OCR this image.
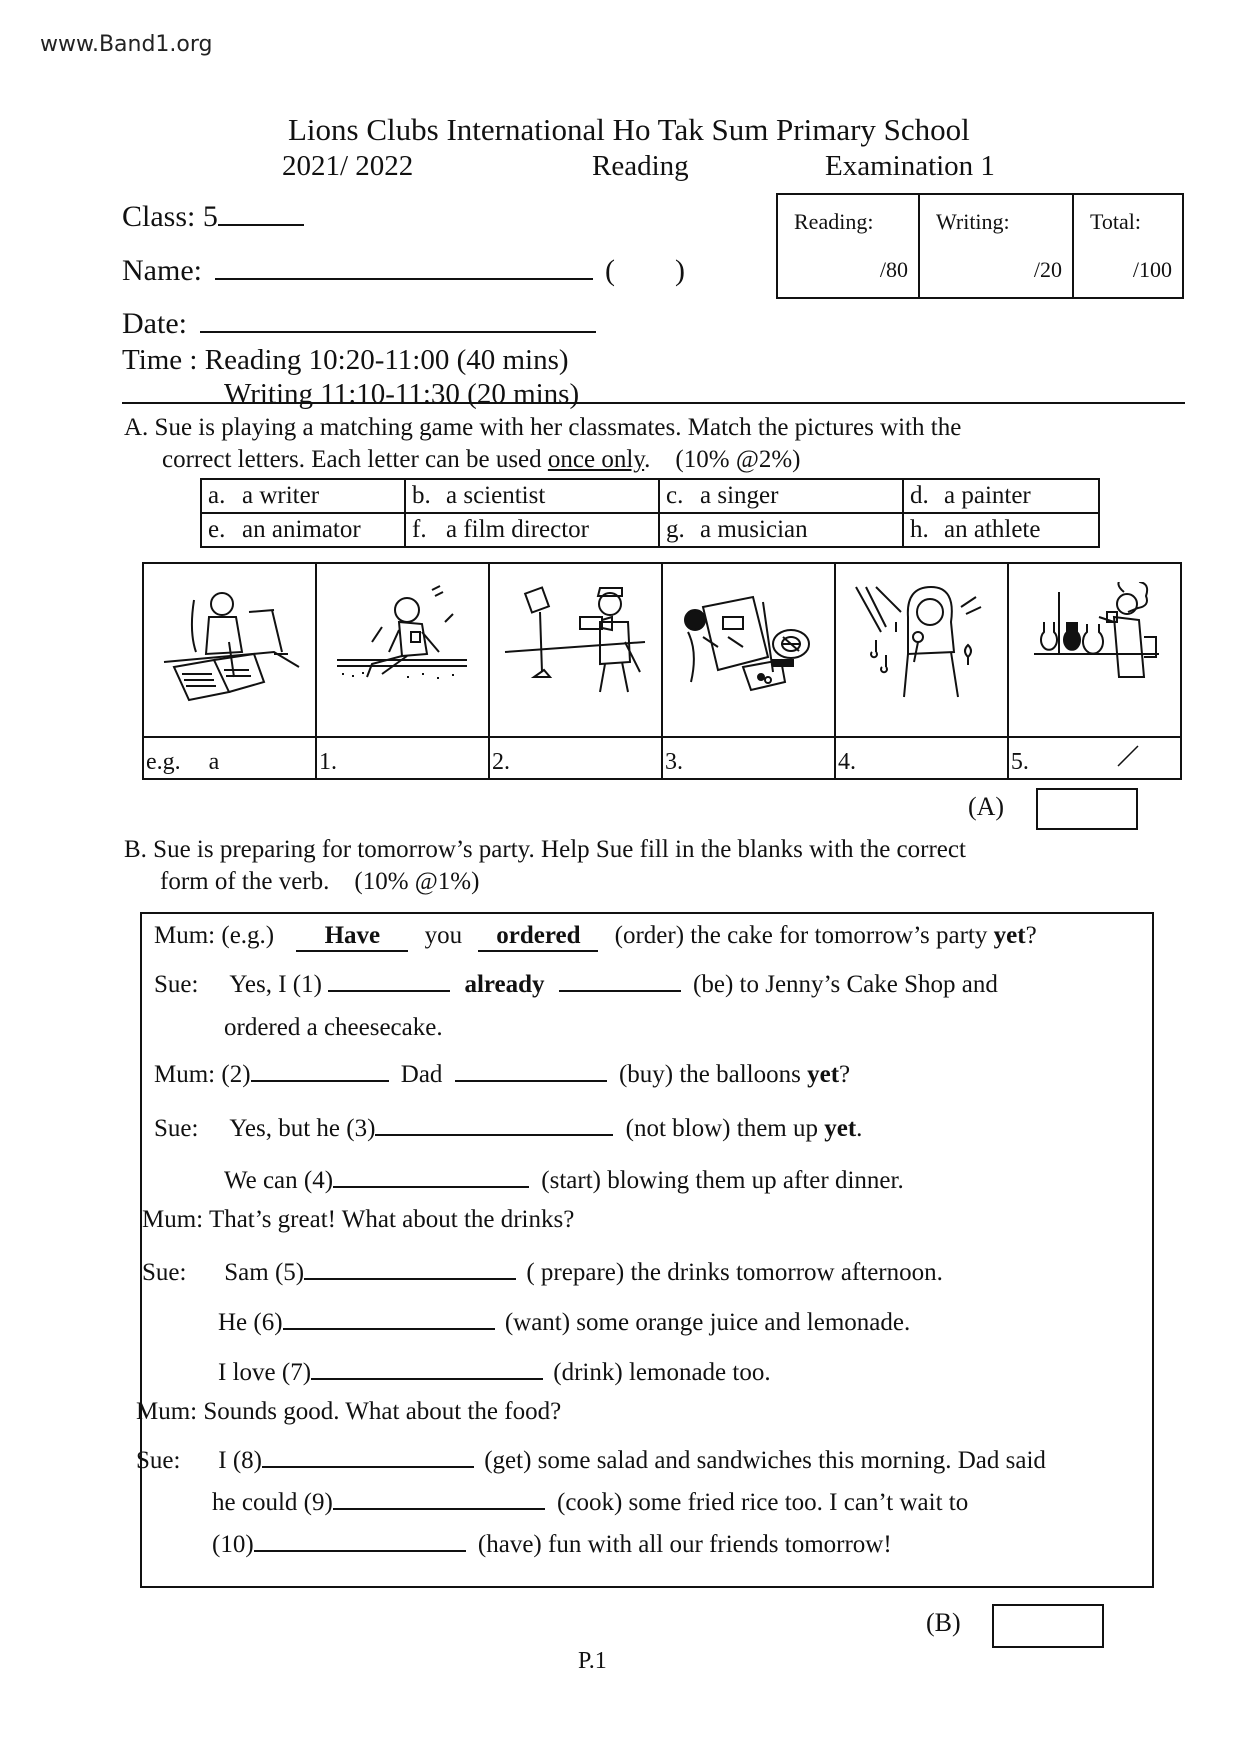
www.Band1.org
Lions Clubs International Ho Tak Sum Primary School
2021/ 2022	Reading	Examination 1
Class: 5
Name:	(        )
Date:
Time : Reading 10:20-11:00 (40 mins)
Writing 11:10-11:30 (20 mins)
Reading:
/80
	Writing:
/20
	Total:
/100
A. Sue is playing a matching game with her classmates. Match the pictures with the
correct letters. Each letter can be used once only.    (10% @2%)
a. a writer	b. a scientist	c. a singer	d. a painter
e. an animator	f. a film director	g. a musician	h. an athlete

e.g. a	1.	2.	3.	4.	5.
(A)
B. Sue is preparing for tomorrow’s party. Help Sue fill in the blanks with the correct
form of the verb.    (10% @1%)
Mum: (e.g.) Have you ordered (order) the cake for tomorrow’s party yet?
Sue: Yes, I (1)	already	(be) to Jenny’s Cake Shop and
ordered a cheesecake.
Mum: (2)	Dad	(buy) the balloons yet?
Sue: Yes, but he (3)	(not blow) them up yet.
We can (4)	(start) blowing them up after dinner.
Mum: That’s great! What about the drinks?
Sue: Sam (5)	( prepare) the drinks tomorrow afternoon.
He (6)	(want) some orange juice and lemonade.
I love (7)	(drink) lemonade too.
Mum: Sounds good. What about the food?
Sue: I (8)	(get) some salad and sandwiches this morning. Dad said
he could (9)	(cook) some fried rice too. I can’t wait to
(10)	(have) fun with all our friends tomorrow!
(B)
P.1
